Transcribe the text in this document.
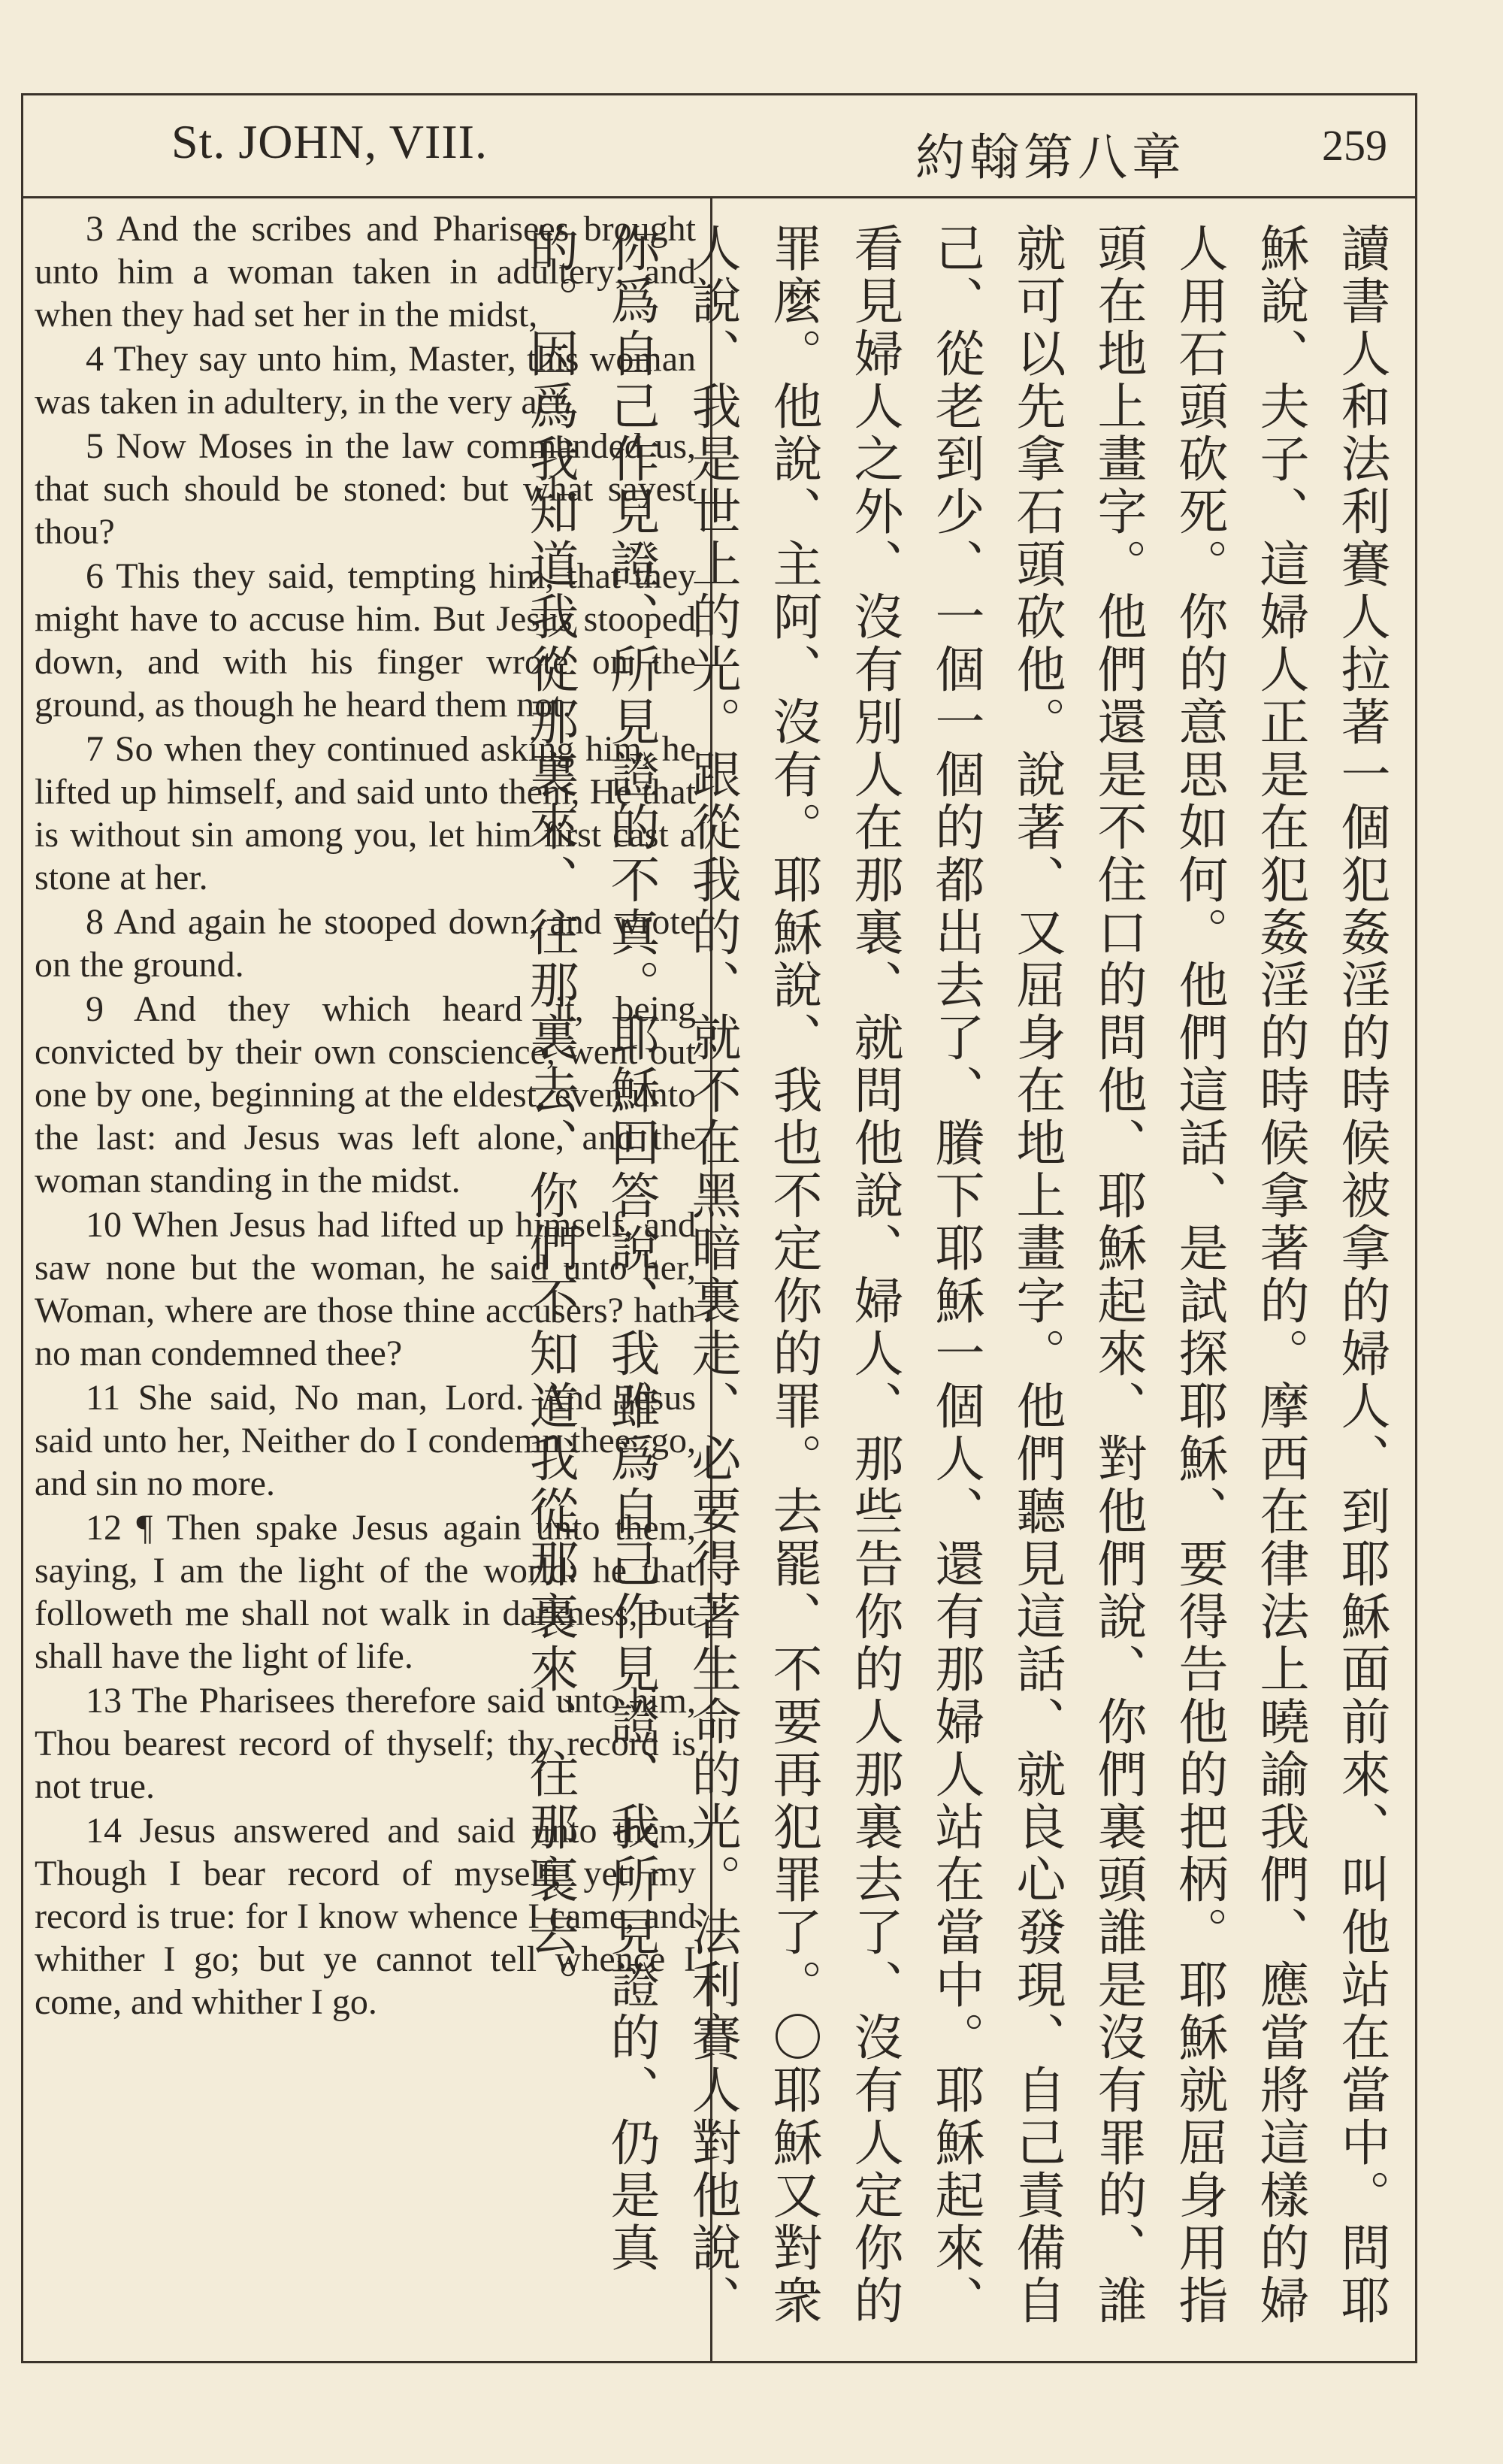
St. JOHN, VIII.	約翰第八章	259

3 And the scribes and Pharisees brought unto him a woman taken in adultery; and when they had set her in the midst,

4 They say unto him, Master, this woman was taken in adultery, in the very act.

5 Now Moses in the law commanded us, that such should be stoned: but what sayest thou?

6 This they said, tempting him, that they might have to accuse him. But Jesus stooped down, and with his finger wrote on the ground, as though he heard them not.

7 So when they continued asking him, he lifted up himself, and said unto them, He that is without sin among you, let him first cast a stone at her.

8 And again he stooped down, and wrote on the ground.

9 And they which heard it, being convicted by their own conscience, went out one by one, beginning at the eldest, even unto the last: and Jesus was left alone, and the woman standing in the midst.

10 When Jesus had lifted up himself, and saw none but the woman, he said unto her, Woman, where are those thine accusers? hath no man condemned thee?

11 She said, No man, Lord. And Jesus said unto her, Neither do I condemn thee: go, and sin no more.

12 ¶ Then spake Jesus again unto them, saying, I am the light of the world: he that followeth me shall not walk in darkness, but shall have the light of life.

13 The Pharisees therefore said unto him, Thou bearest record of thyself; thy record is not true.

14 Jesus answered and said unto them, Though I bear record of myself, yet my record is true: for I know whence I came, and whither I go; but ye cannot tell whence I come, and whither I go.	讀書人和法利賽人拉著一個犯姦淫的時候被拿的婦人、到耶穌面前來、叫他站在當中。問耶穌說、夫子、這婦人正是在犯姦淫的時候拿著的。摩西在律法上曉諭我們、應當將這樣的婦人用石頭砍死。你的意思如何。他們這話、是試探耶穌、要得告他的把柄。耶穌就屈身用指頭在地上畫字。他們還是不住口的問他、耶穌起來、對他們說、你們裏頭誰是沒有罪的、誰就可以先拿石頭砍他。說著、又屈身在地上畫字。他們聽見這話、就良心發現、自己責備自己、從老到少、一個一個的都出去了、賸下耶穌一個人、還有那婦人站在當中。耶穌起來、看見婦人之外、沒有別人在那裏、就問他說、婦人、那些告你的人那裏去了、沒有人定你的罪麼。他說、主阿、沒有。耶穌說、我也不定你的罪。去罷、不要再犯罪了。〇耶穌又對衆人說、我是世上的光。跟從我的、就不在黑暗裏走、必要得著生命的光。法利賽人對他說、你爲自己作見證、所見證的不真。耶穌回答說、我雖爲自己作見證、我所見證的、仍是真的。因爲我知道我從那裏來、往那裏去、你們不知道我從那裏來、往那裏去。
